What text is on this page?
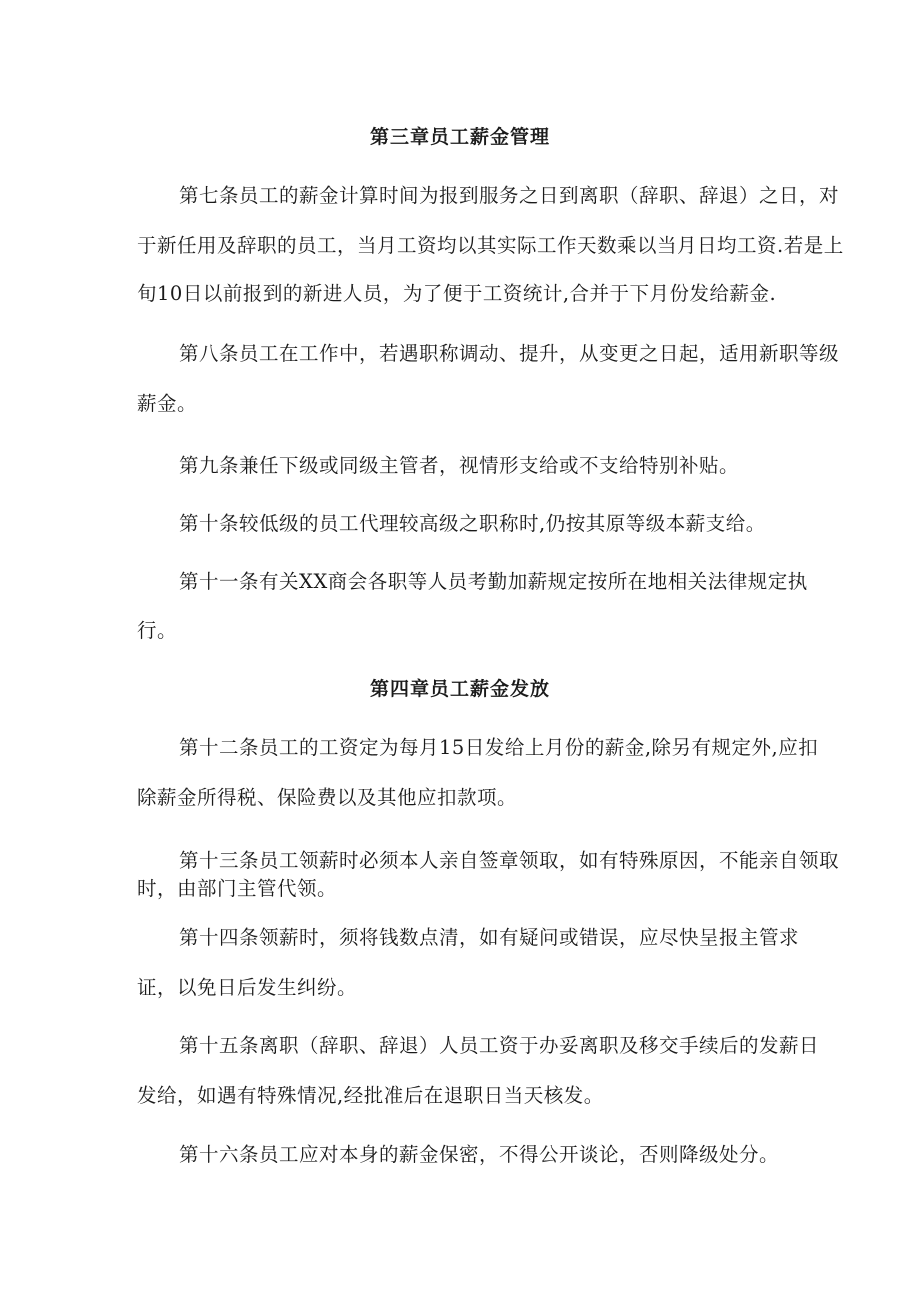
第三章员工薪金管理
第七条员工的薪金计算时间为报到服务之日到离职（辞职、辞退）之日，对
于新任用及辞职的员工，当月工资均以其实际工作天数乘以当月日均工资.若是上
旬10日以前报到的新进人员，为了便于工资统计,合并于下月份发给薪金.
第八条员工在工作中，若遇职称调动、提升，从变更之日起，适用新职等级
薪金。
第九条兼任下级或同级主管者，视情形支给或不支给特别补贴。
第十条较低级的员工代理较高级之职称时,仍按其原等级本薪支给。
第十一条有关XX商会各职等人员考勤加薪规定按所在地相关法律规定执
行。
第四章员工薪金发放
第十二条员工的工资定为每月15日发给上月份的薪金,除另有规定外,应扣
除薪金所得税、保险费以及其他应扣款项。
第十三条员工领薪时必须本人亲自签章领取，如有特殊原因，不能亲自领取
时，由部门主管代领。
第十四条领薪时，须将钱数点清，如有疑问或错误，应尽快呈报主管求
证，以免日后发生纠纷。
第十五条离职（辞职、辞退）人员工资于办妥离职及移交手续后的发薪日
发给，如遇有特殊情况,经批准后在退职日当天核发。
第十六条员工应对本身的薪金保密，不得公开谈论，否则降级处分。
